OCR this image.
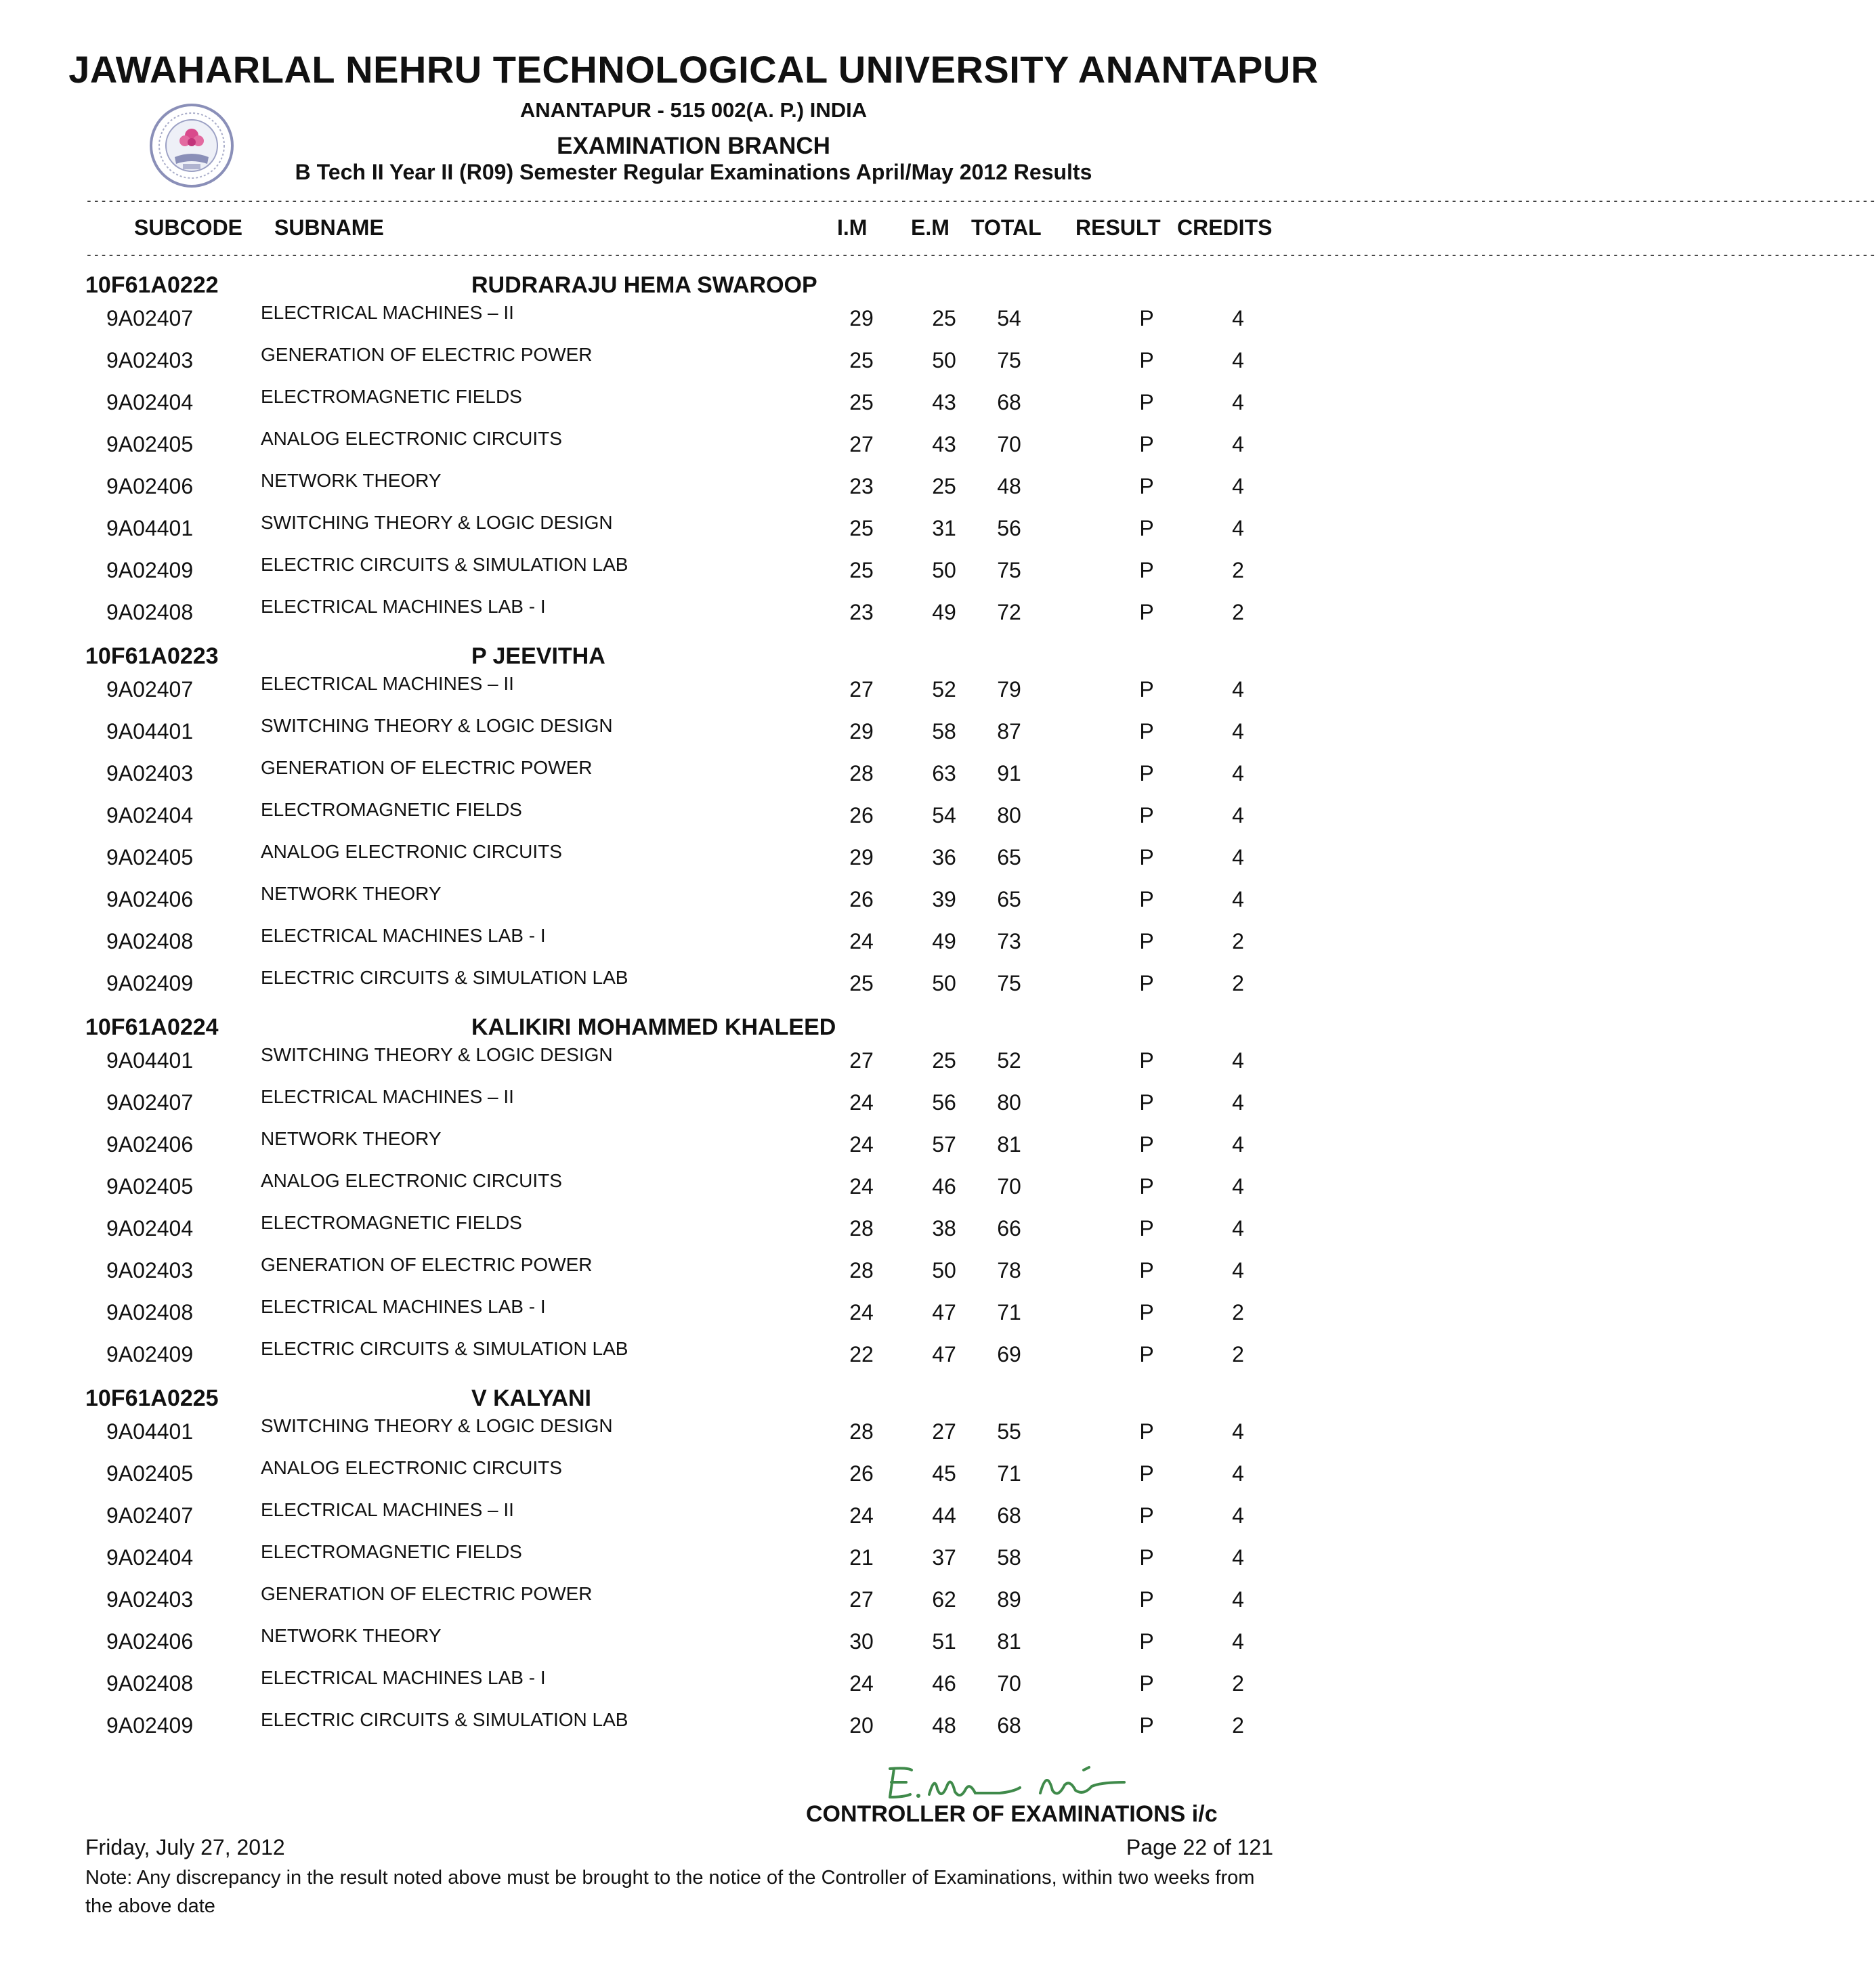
JAWAHARLAL NEHRU TECHNOLOGICAL UNIVERSITY ANANTAPUR
ANANTAPUR - 515 002(A. P.) INDIA
EXAMINATION BRANCH
B Tech II Year II (R09) Semester Regular Examinations April/May 2012 Results
----------------------------------------------------------------------------------------------------------------------------------------------------------------------------------------------------------------------------------------------------
SUBCODE SUBNAME	I.M E.M TOTAL RESULT CREDITS
----------------------------------------------------------------------------------------------------------------------------------------------------------------------------------------------------------------------------------------------------
10F61A0222	RUDRARAJU HEMA SWAROOP
9A02407	ELECTRICAL MACHINES – II	29	25	54	P	4
9A02403	GENERATION OF ELECTRIC POWER	25	50	75	P	4
9A02404	ELECTROMAGNETIC FIELDS	25	43	68	P	4
9A02405	ANALOG ELECTRONIC CIRCUITS	27	43	70	P	4
9A02406	NETWORK THEORY	23	25	48	P	4
9A04401	SWITCHING THEORY & LOGIC DESIGN	25	31	56	P	4
9A02409	ELECTRIC CIRCUITS & SIMULATION LAB	25	50	75	P	2
9A02408	ELECTRICAL MACHINES LAB - I	23	49	72	P	2
10F61A0223	P JEEVITHA
9A02407	ELECTRICAL MACHINES – II	27	52	79	P	4
9A04401	SWITCHING THEORY & LOGIC DESIGN	29	58	87	P	4
9A02403	GENERATION OF ELECTRIC POWER	28	63	91	P	4
9A02404	ELECTROMAGNETIC FIELDS	26	54	80	P	4
9A02405	ANALOG ELECTRONIC CIRCUITS	29	36	65	P	4
9A02406	NETWORK THEORY	26	39	65	P	4
9A02408	ELECTRICAL MACHINES LAB - I	24	49	73	P	2
9A02409	ELECTRIC CIRCUITS & SIMULATION LAB	25	50	75	P	2
10F61A0224	KALIKIRI MOHAMMED KHALEED
9A04401	SWITCHING THEORY & LOGIC DESIGN	27	25	52	P	4
9A02407	ELECTRICAL MACHINES – II	24	56	80	P	4
9A02406	NETWORK THEORY	24	57	81	P	4
9A02405	ANALOG ELECTRONIC CIRCUITS	24	46	70	P	4
9A02404	ELECTROMAGNETIC FIELDS	28	38	66	P	4
9A02403	GENERATION OF ELECTRIC POWER	28	50	78	P	4
9A02408	ELECTRICAL MACHINES LAB - I	24	47	71	P	2
9A02409	ELECTRIC CIRCUITS & SIMULATION LAB	22	47	69	P	2
10F61A0225	V KALYANI
9A04401	SWITCHING THEORY & LOGIC DESIGN	28	27	55	P	4
9A02405	ANALOG ELECTRONIC CIRCUITS	26	45	71	P	4
9A02407	ELECTRICAL MACHINES – II	24	44	68	P	4
9A02404	ELECTROMAGNETIC FIELDS	21	37	58	P	4
9A02403	GENERATION OF ELECTRIC POWER	27	62	89	P	4
9A02406	NETWORK THEORY	30	51	81	P	4
9A02408	ELECTRICAL MACHINES LAB - I	24	46	70	P	2
9A02409	ELECTRIC CIRCUITS & SIMULATION LAB	20	48	68	P	2
CONTROLLER OF EXAMINATIONS i/c
Friday, July 27, 2012	Page 22 of 121
Note: Any discrepancy in the result noted above must be brought to the notice of the Controller of Examinations, within two weeks from the above date
